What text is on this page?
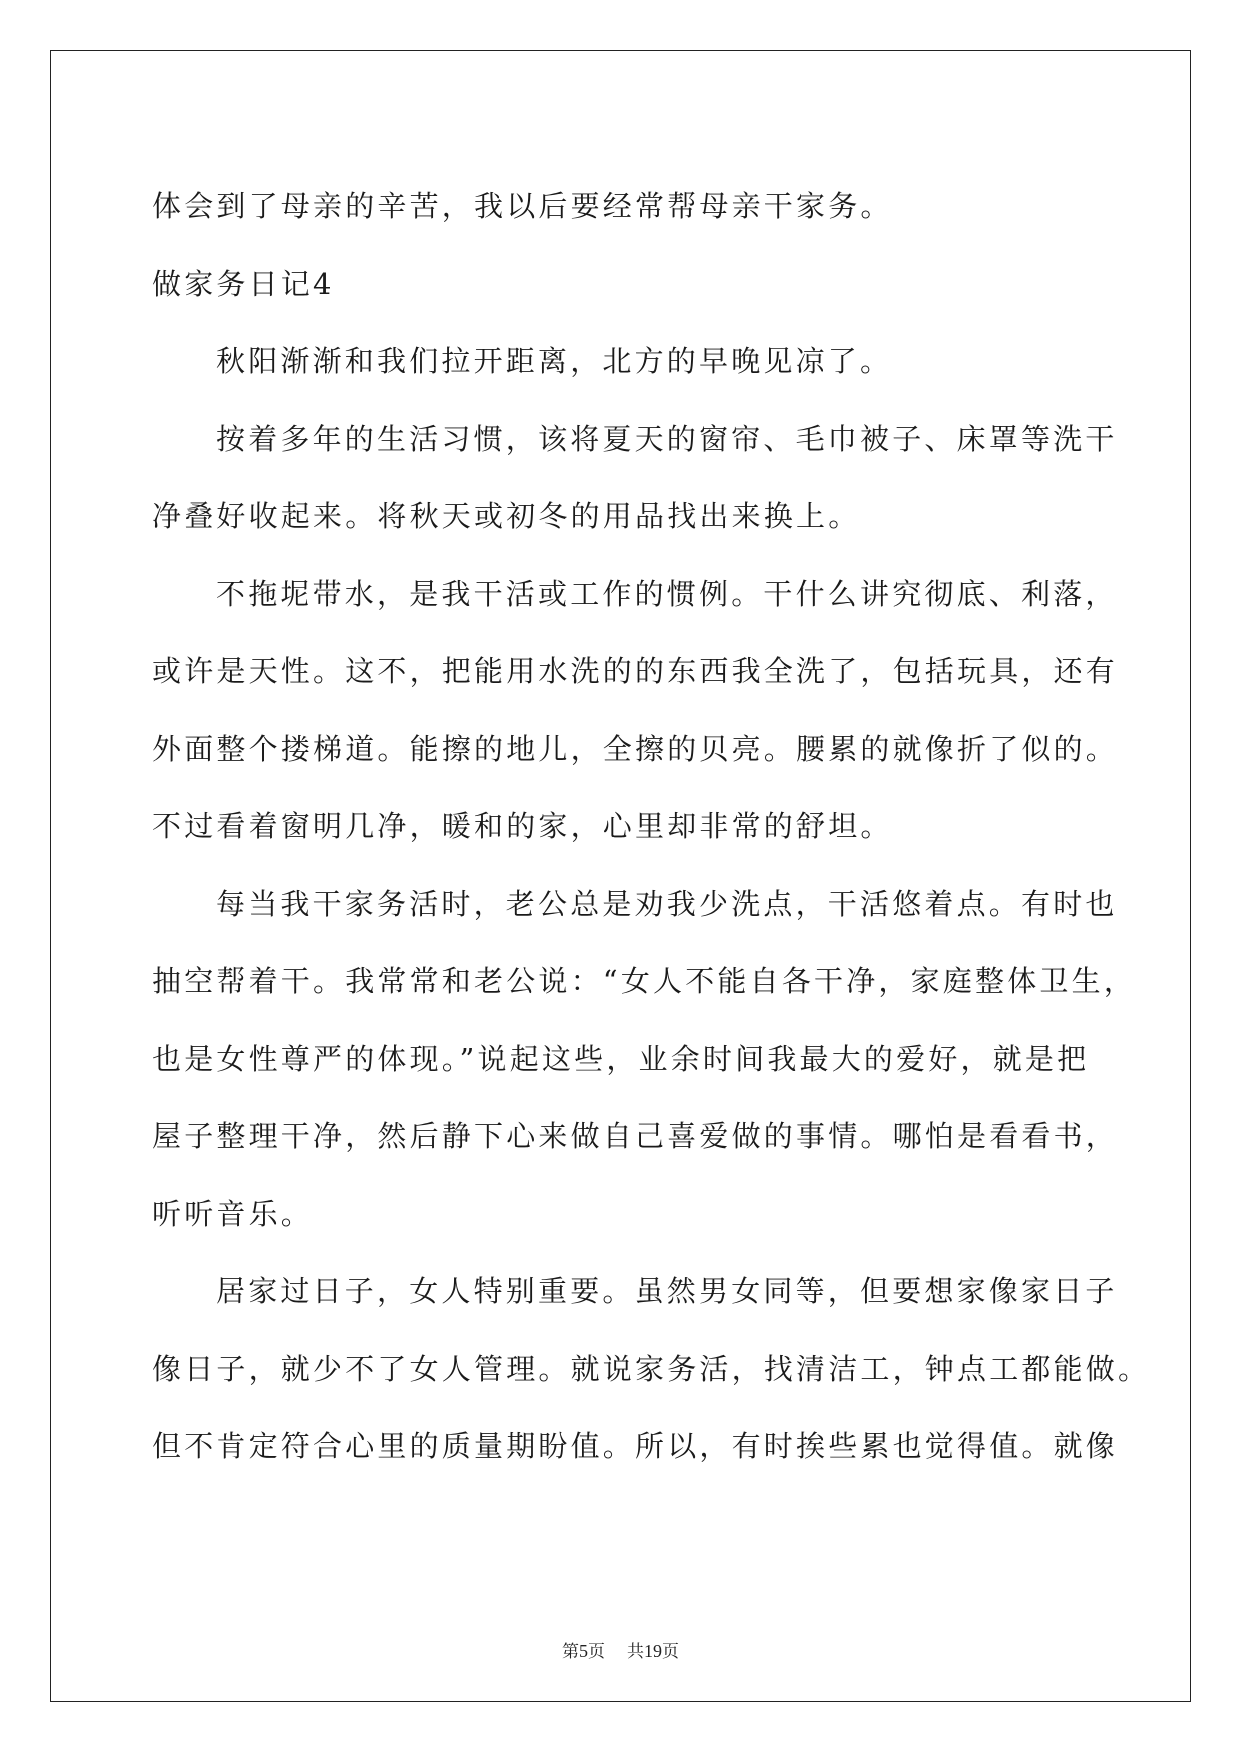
体会到了母亲的辛苦，我以后要经常帮母亲干家务。
做家务日记4
秋阳渐渐和我们拉开距离，北方的早晚见凉了。
按着多年的生活习惯，该将夏天的窗帘、毛巾被子、床罩等洗干
净叠好收起来。将秋天或初冬的用品找出来换上。
不拖坭带水，是我干活或工作的惯例。干什么讲究彻底、利落，
或许是天性。这不，把能用水洗的的东西我全洗了，包括玩具，还有
外面整个搂梯道。能擦的地儿，全擦的贝亮。腰累的就像折了似的。
不过看着窗明几净，暖和的家，心里却非常的舒坦。
每当我干家务活时，老公总是劝我少洗点，干活悠着点。有时也
抽空帮着干。我常常和老公说：“女人不能自各干净，家庭整体卫生，
也是女性尊严的体现。”说起这些，业余时间我最大的爱好，就是把
屋子整理干净，然后静下心来做自己喜爱做的事情。哪怕是看看书，
听听音乐。
居家过日子，女人特别重要。虽然男女同等，但要想家像家日子
像日子，就少不了女人管理。就说家务活，找清洁工，钟点工都能做。
但不肯定符合心里的质量期盼值。所以，有时挨些累也觉得值。就像
第5页 共19页
